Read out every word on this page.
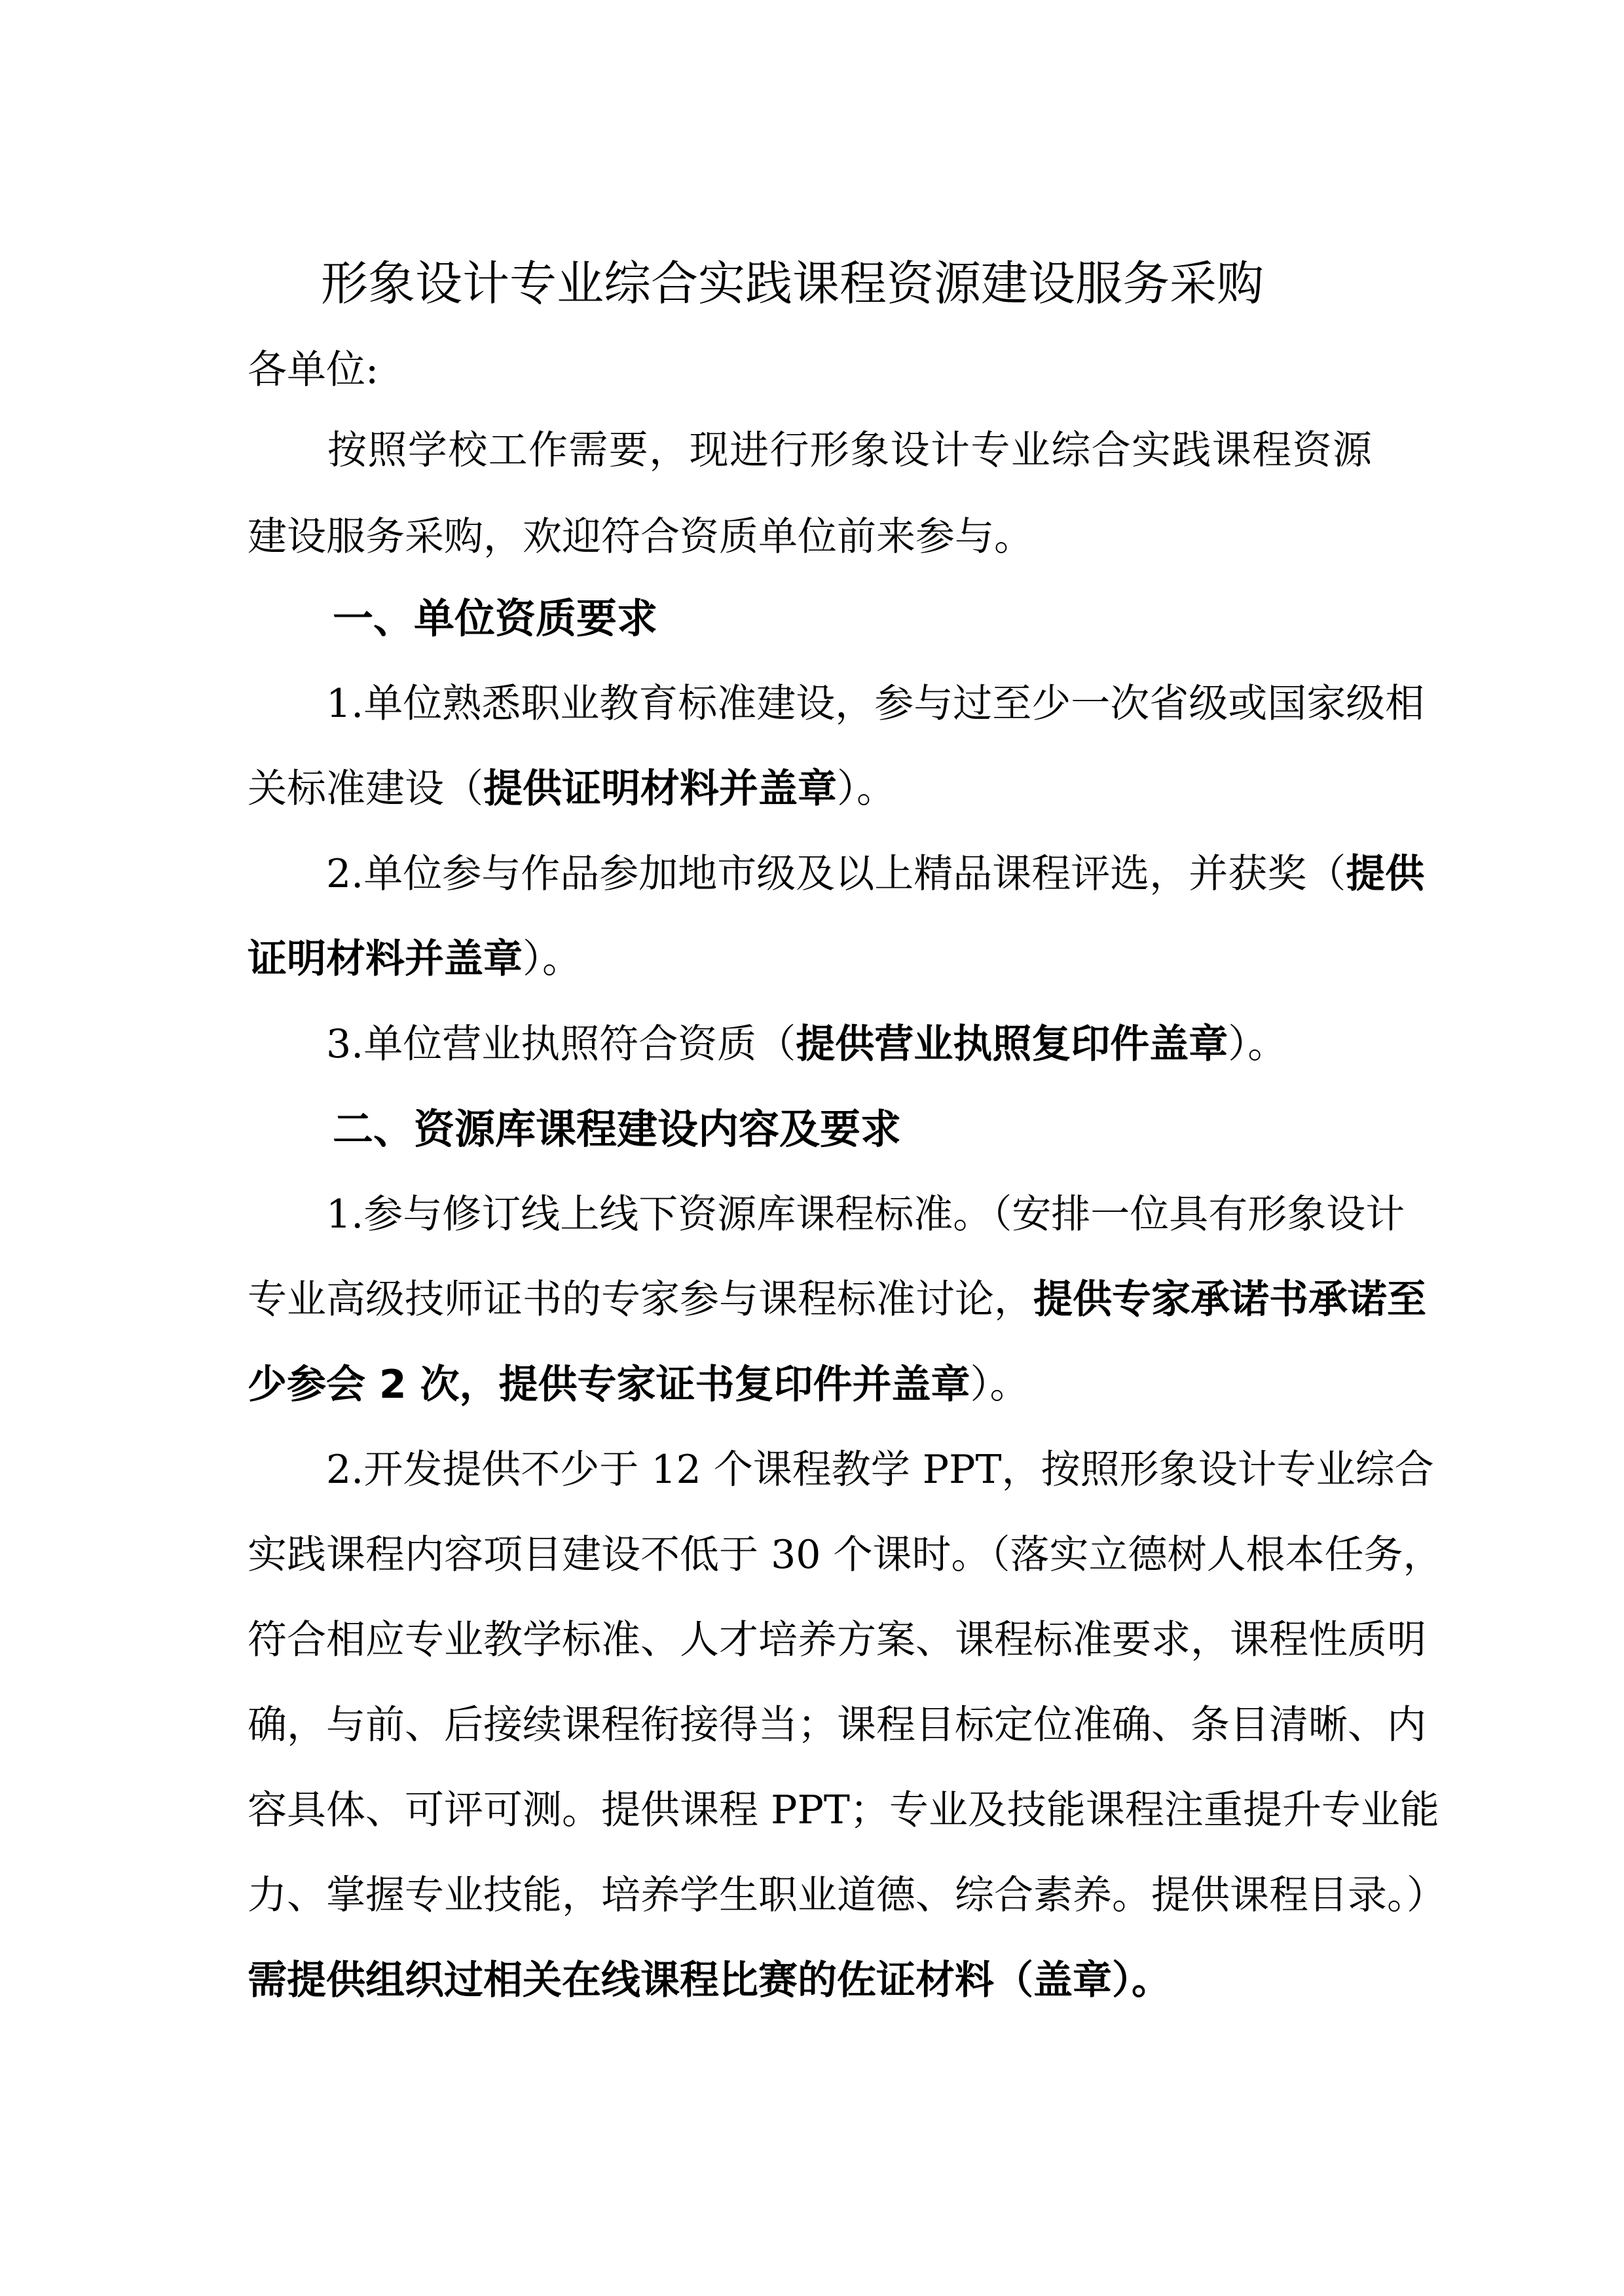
形象设计专业综合实践课程资源建设服务采购
各单位:
按照学校工作需要，现进行形象设计专业综合实践课程资源
建设服务采购，欢迎符合资质单位前来参与。
一、单位资质要求
1.单位熟悉职业教育标准建设，参与过至少一次省级或国家级相
关标准建设（提供证明材料并盖章）。
2.单位参与作品参加地市级及以上精品课程评选，并获奖（提供
证明材料并盖章）。
3.单位营业执照符合资质（提供营业执照复印件盖章）。
二、资源库课程建设内容及要求
1.参与修订线上线下资源库课程标准。（安排一位具有形象设计
专业高级技师证书的专家参与课程标准讨论，提供专家承诺书承诺至
少参会 2 次，提供专家证书复印件并盖章）。
2.开发提供不少于 12 个课程教学 PPT，按照形象设计专业综合
实践课程内容项目建设不低于 30 个课时。（落实立德树人根本任务，
符合相应专业教学标准、人才培养方案、课程标准要求，课程性质明
确，与前、后接续课程衔接得当；课程目标定位准确、条目清晰、内
容具体、可评可测。提供课程 PPT；专业及技能课程注重提升专业能
力、掌握专业技能，培养学生职业道德、综合素养。提供课程目录。）
需提供组织过相关在线课程比赛的佐证材料（盖章）。
